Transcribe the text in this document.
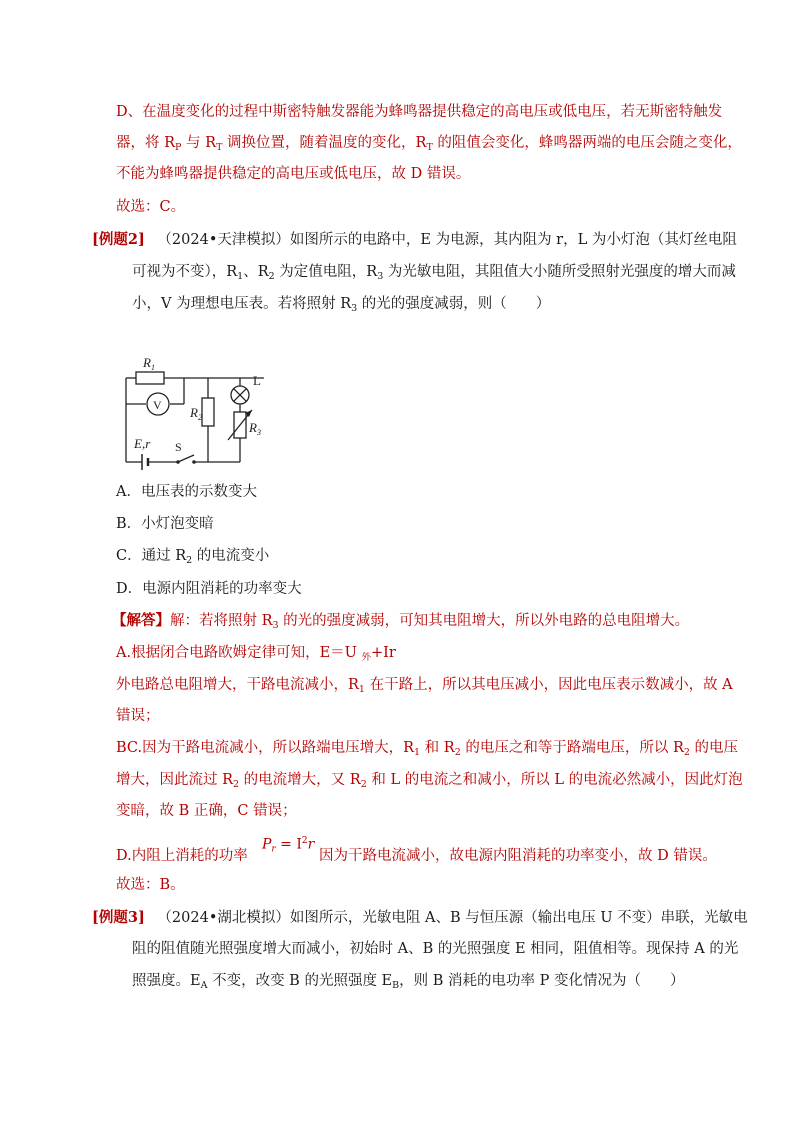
D、在温度变化的过程中斯密特触发器能为蜂鸣器提供稳定的高电压或低电压，若无斯密特触发
器，将 $R_P$ 与 $R_T$ 调换位置，随着温度的变化，$R_T$ 的阻值会变化，蜂鸣器两端的电压会随之变化，
不能为蜂鸣器提供稳定的高电压或低电压，故 D 错误。
故选：C。
[例题2] （2024•天津模拟）如图所示的电路中，E 为电源，其内阻为 r，L 为小灯泡（其灯丝电阻
可视为不变），$R_1$、$R_2$ 为定值电阻，$R_3$ 为光敏电阻，其阻值大小随所受照射光强度的增大而减
小，V 为理想电压表。若将照射 $R_3$ 的光的强度减弱，则（　　）
$R_1$
$R_2$
$R_3$
E,r
V
L
S
A．电压表的示数变大
B．小灯泡变暗
C．通过 $R_2$ 的电流变小
D．电源内阻消耗的功率变大
【解答】解：若将照射 $R_3$ 的光的强度减弱，可知其电阻增大，所以外电路的总电阻增大。
A.根据闭合电路欧姆定律可知，E＝U $_外$+Ir
外电路总电阻增大，干路电流减小，$R_1$ 在干路上，所以其电压减小，因此电压表示数减小，故 A
错误；
BC.因为干路电流减小，所以路端电压增大，$R_1$ 和 $R_2$ 的电压之和等于路端电压，所以 $R_2$ 的电压
增大，因此流过 $R_2$ 的电流增大，又 $R_2$ 和 L 的电流之和减小，所以 L 的电流必然减小，因此灯泡
变暗，故 B 正确，C 错误；
D.内阻上消耗的功率
$P_r = I^2r$
因为干路电流减小，故电源内阻消耗的功率变小，故 D 错误。
故选：B。
[例题3] （2024•湖北模拟）如图所示，光敏电阻 A、B 与恒压源（输出电压 U 不变）串联，光敏电
阻的阻值随光照强度增大而减小，初始时 A、B 的光照强度 E 相同，阻值相等。现保持 A 的光
照强度。$E_A$ 不变，改变 B 的光照强度 $E_B$，则 B 消耗的电功率 P 变化情况为（　　）
